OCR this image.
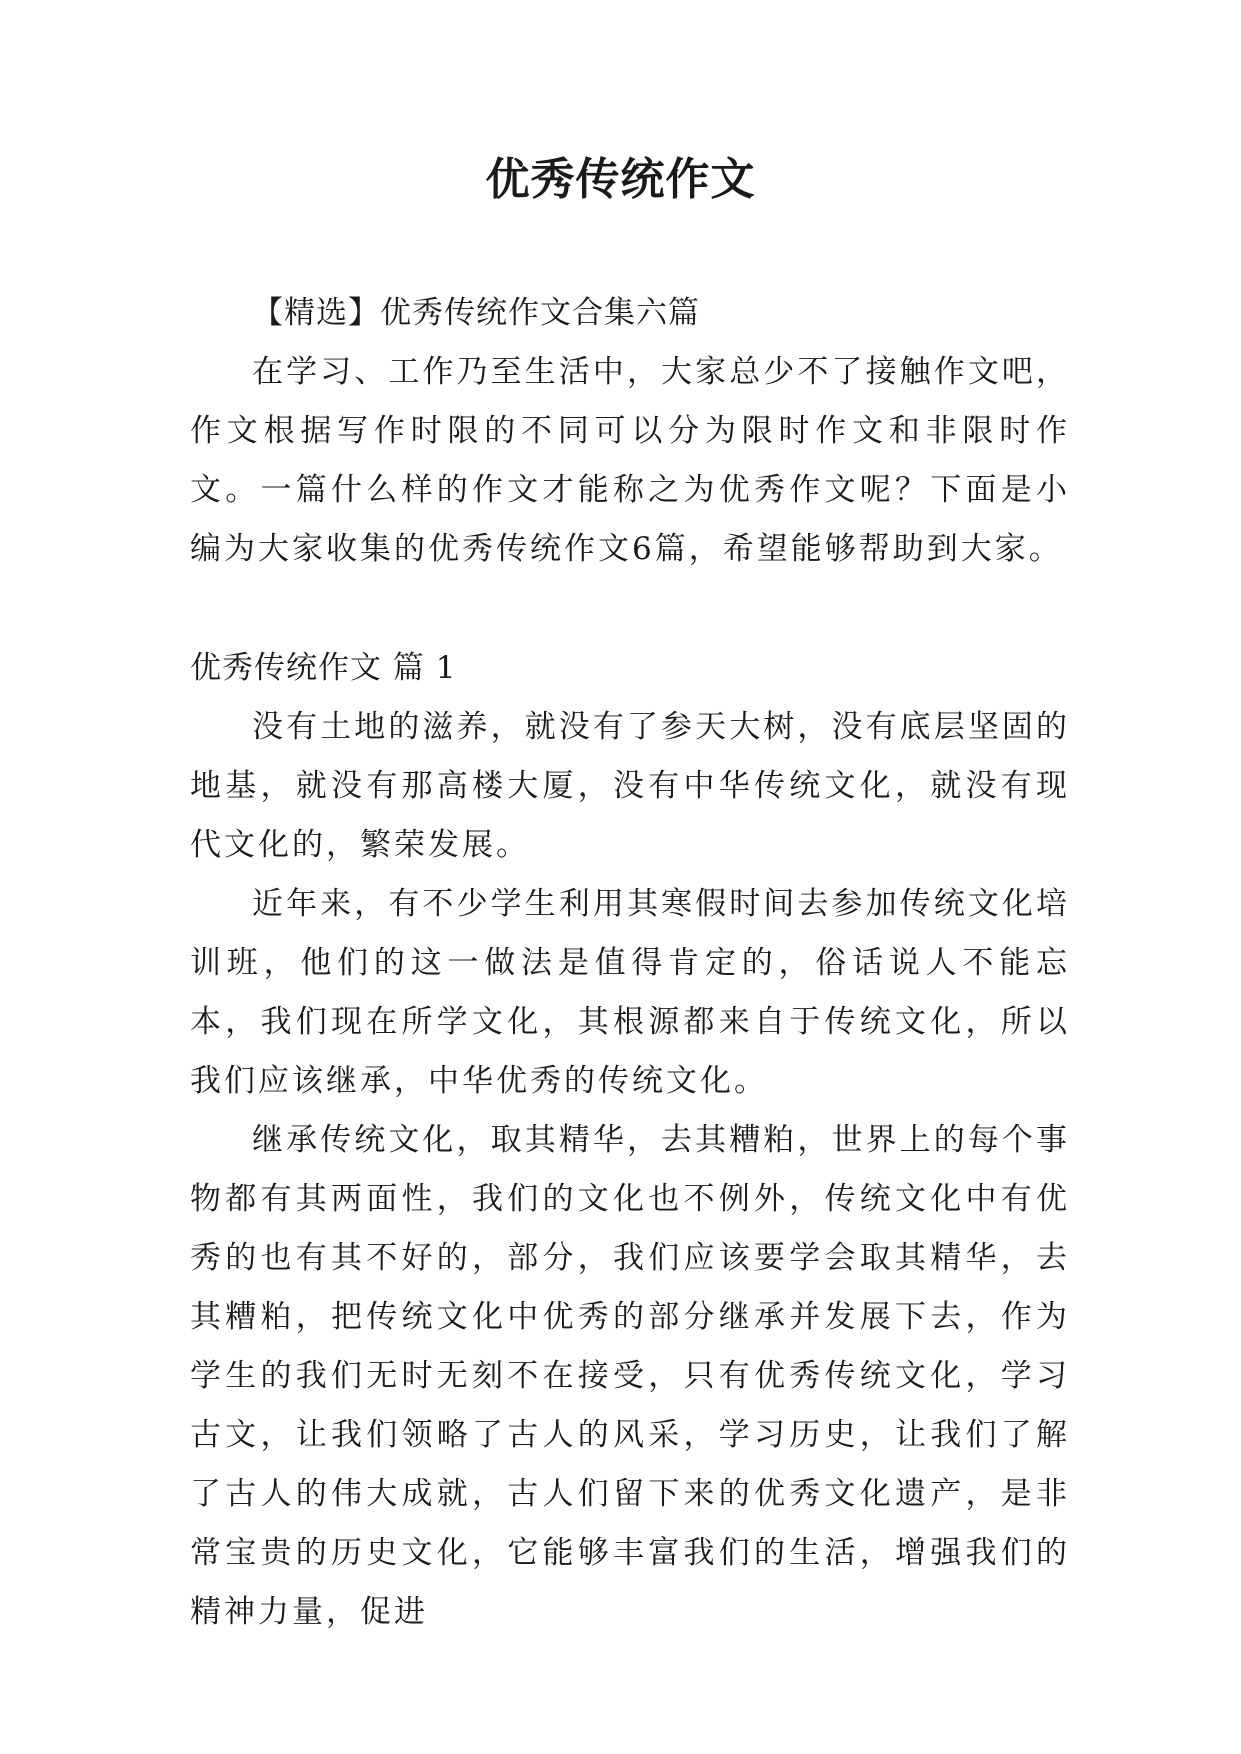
优秀传统作文

【精选】优秀传统作文合集六篇

在学习、工作乃至生活中，大家总少不了接触作文吧，作文根据写作时限的不同可以分为限时作文和非限时作文。一篇什么样的作文才能称之为优秀作文呢？下面是小编为大家收集的优秀传统作文6篇，希望能够帮助到大家。

优秀传统作文 篇 1

没有土地的滋养，就没有了参天大树，没有底层坚固的地基，就没有那高楼大厦，没有中华传统文化，就没有现代文化的，繁荣发展。

近年来，有不少学生利用其寒假时间去参加传统文化培训班，他们的这一做法是值得肯定的，俗话说人不能忘本，我们现在所学文化，其根源都来自于传统文化，所以我们应该继承，中华优秀的传统文化。

继承传统文化，取其精华，去其糟粕，世界上的每个事物都有其两面性，我们的文化也不例外，传统文化中有优秀的也有其不好的，部分，我们应该要学会取其精华，去其糟粕，把传统文化中优秀的部分继承并发展下去，作为学生的我们无时无刻不在接受，只有优秀传统文化，学习古文，让我们领略了古人的风采，学习历史，让我们了解了古人的伟大成就，古人们留下来的优秀文化遗产，是非常宝贵的历史文化，它能够丰富我们的生活，增强我们的精神力量，促进
